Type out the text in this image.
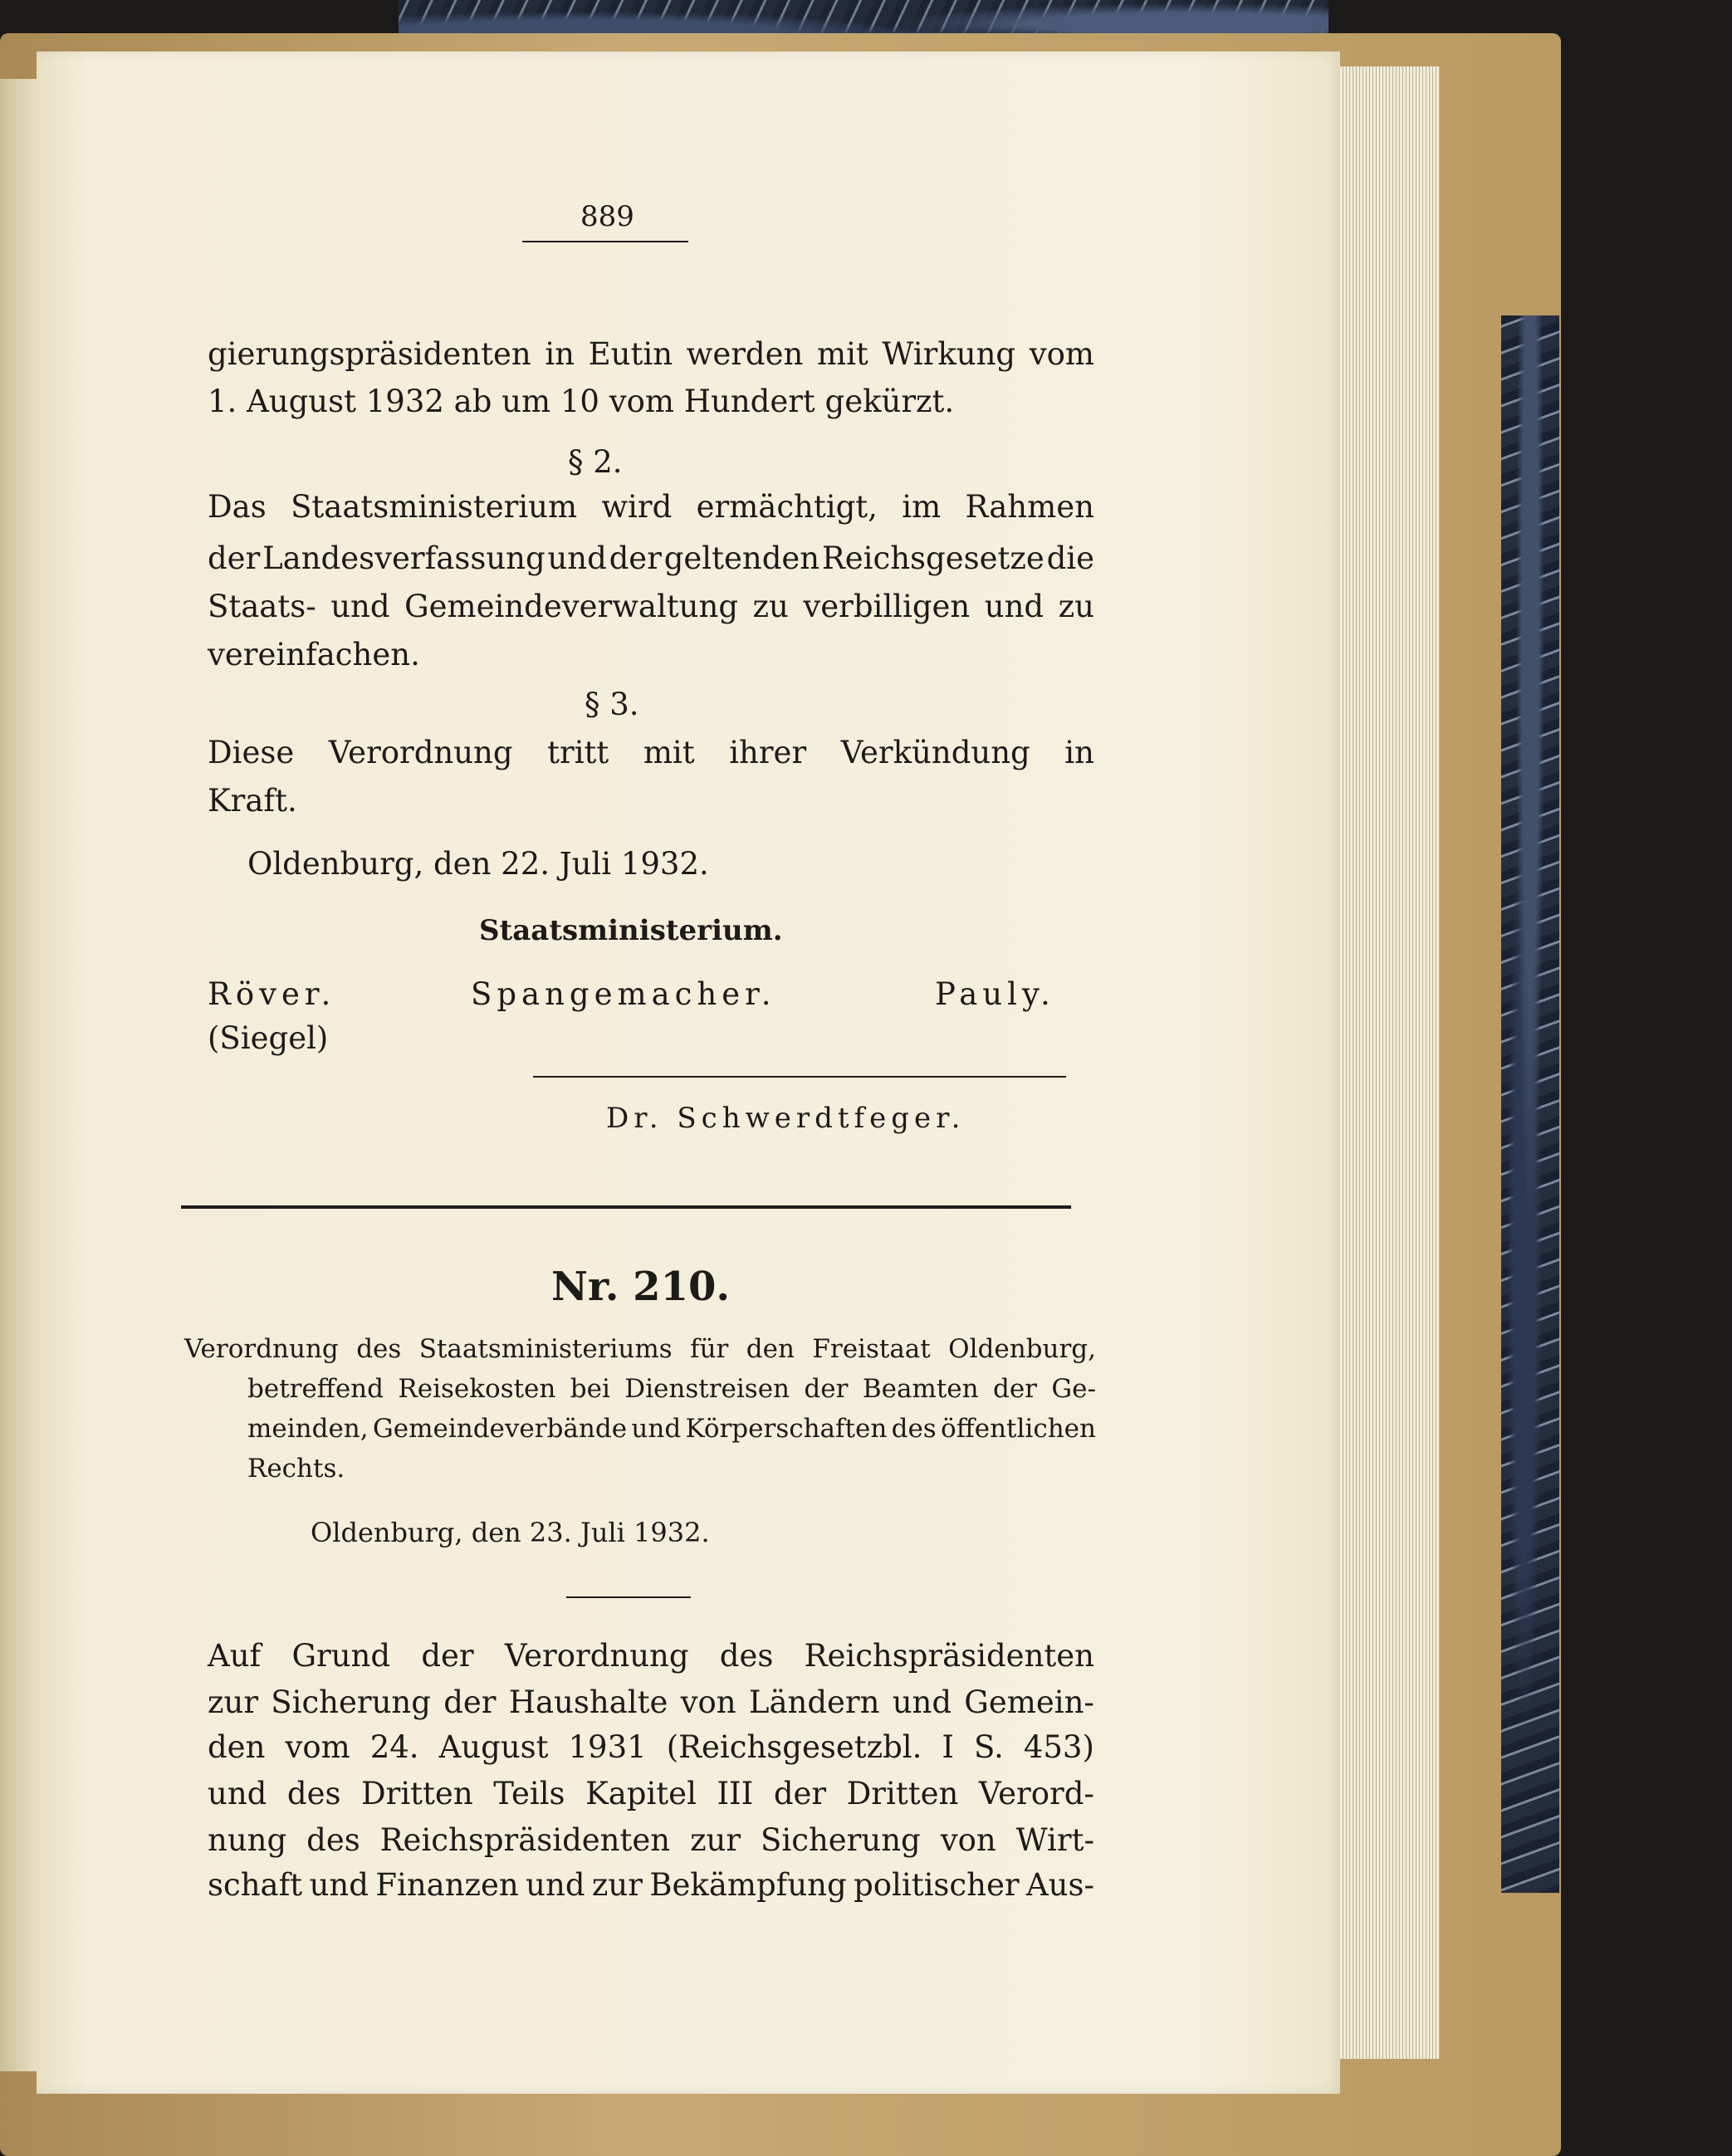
889
gierungspräsidenten in Eutin werden mit Wirkung vom
1. August 1932 ab um 10 vom Hundert gekürzt.
§ 2.
Das Staatsministerium wird ermächtigt, im Rahmen
der Landesverfassung und der geltenden Reichsgesetze die
Staats- und Gemeindeverwaltung zu verbilligen und zu
vereinfachen.
§ 3.
Diese Verordnung tritt mit ihrer Verkündung in
Kraft.
Oldenburg, den 22. Juli 1932.
Staatsministerium.
Röver.	Spangemacher.	Pauly.
(Siegel)
Dr. Schwerdtfeger.
Nr. 210.
Verordnung des Staatsministeriums für den Freistaat Oldenburg,
betreffend Reisekosten bei Dienstreisen der Beamten der Ge-
meinden, Gemeindeverbände und Körperschaften des öffentlichen
Rechts.
Oldenburg, den 23. Juli 1932.
Auf Grund der Verordnung des Reichspräsidenten
zur Sicherung der Haushalte von Ländern und Gemein-
den vom 24. August 1931 (Reichsgesetzbl. I S. 453)
und des Dritten Teils Kapitel III der Dritten Verord-
nung des Reichspräsidenten zur Sicherung von Wirt-
schaft und Finanzen und zur Bekämpfung politischer Aus-
